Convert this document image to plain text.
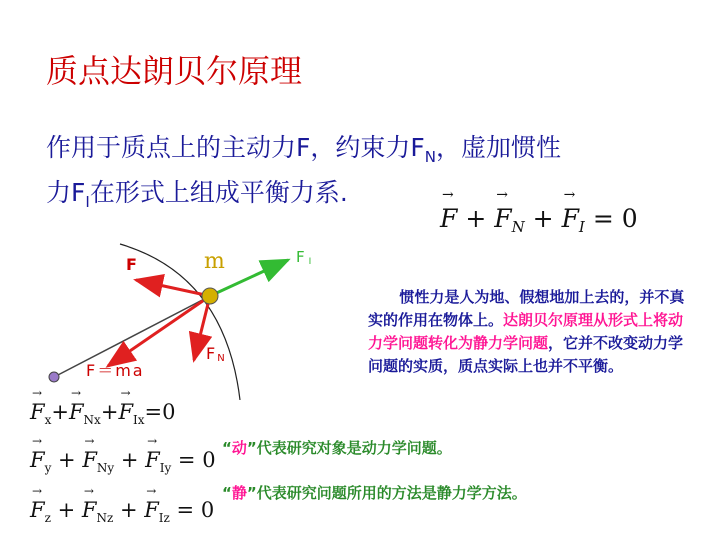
质点达朗贝尔原理
作用于质点上的主动力F，约束力$F_N$，虚加惯性
力$F_I$在形式上组成平衡力系.
→ F + → $F_N$ + → $F_I = 0$
F	m	F I
F N
F＝ma
惯性力是人为地、假想地加上去的，并不真实的作用在物体上。达朗贝尔原理从形式上将动力学问题转化为静力学问题，它并不改变动力学问题的实质，质点实际上也并不平衡。
→ $F_x+\to F_{Nx}+\to F_{Ix}=0$
→ $F_y$ + → $F_{Ny}$ + → $F_{Iy} = 0$
→ $F_z$ + → $F_{Nz}$ + → $F_{Iz} = 0$
“动”代表研究对象是动力学问题。
“静”代表研究问题所用的方法是静力学方法。
